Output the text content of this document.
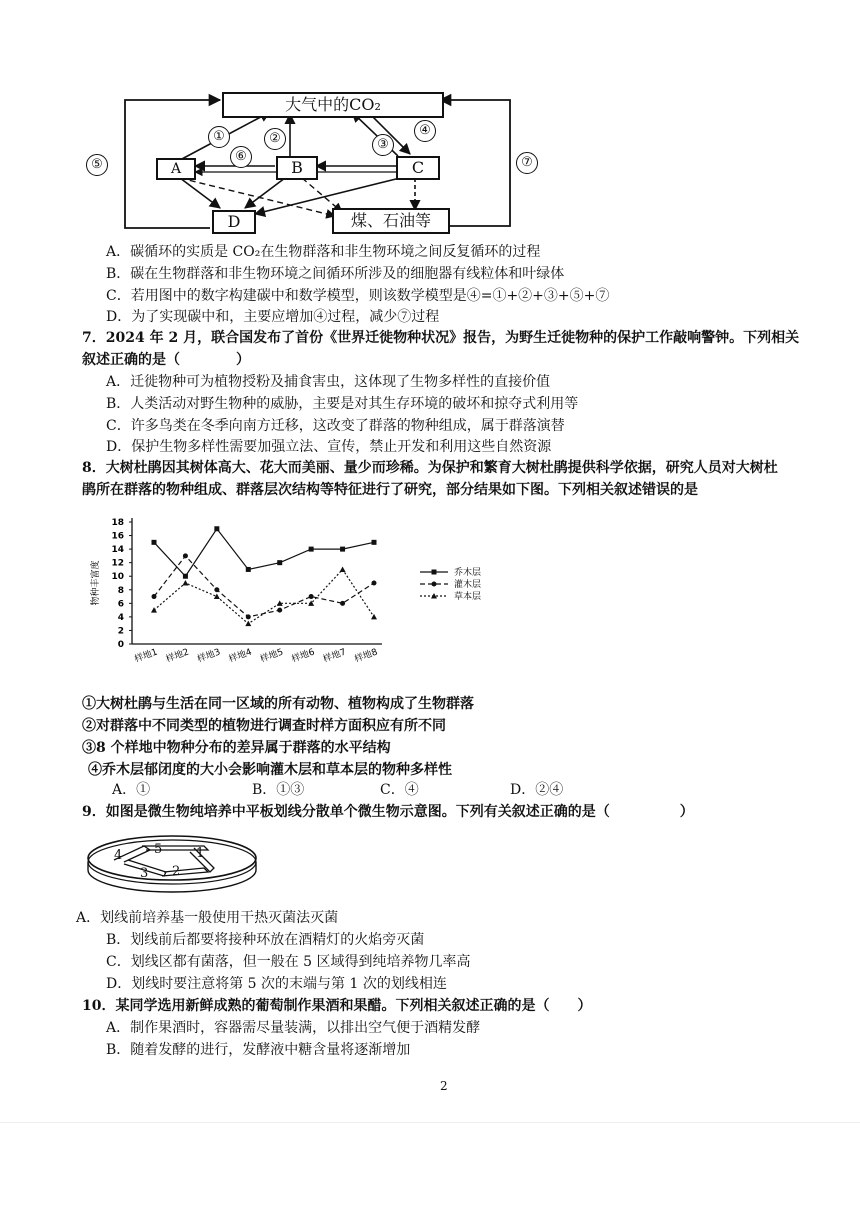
大气中的CO₂
A	B	C
D	煤、石油等
①	②	③
④
⑤
⑥	⑦
A．碳循环的实质是 CO₂在生物群落和非生物环境之间反复循环的过程
B．碳在生物群落和非生物环境之间循环所涉及的细胞器有线粒体和叶绿体
C．若用图中的数字构建碳中和数学模型，则该数学模型是④=①+②+③+⑤+⑦
D．为了实现碳中和，主要应增加④过程，减少⑦过程
7．2024 年 2 月，联合国发布了首份《世界迁徙物种状况》报告，为野生迁徙物种的保护工作敲响警钟。下列相关
叙述正确的是（　　　　）
A．迁徙物种可为植物授粉及捕食害虫，这体现了生物多样性的直接价值
B．人类活动对野生物种的威胁，主要是对其生存环境的破坏和掠夺式利用等
C．许多鸟类在冬季向南方迁移，这改变了群落的物种组成，属于群落演替
D．保护生物多样性需要加强立法、宣传，禁止开发和利用这些自然资源
8．大树杜鹃因其树体高大、花大而美丽、量少而珍稀。为保护和繁育大树杜鹃提供科学依据，研究人员对大树杜
鹃所在群落的物种组成、群落层次结构等特征进行了研究，部分结果如下图。下列相关叙述错误的是
0
2
4
6
8
10
12
14
16
18
物种丰富度
样地1 样地2 样地3 样地4 样地5 样地6 样地7 样地8
乔木层
灌木层
草本层
①大树杜鹃与生活在同一区域的所有动物、植物构成了生物群落
②对群落中不同类型的植物进行调查时样方面积应有所不同
③8 个样地中物种分布的差异属于群落的水平结构
④乔木层郁闭度的大小会影响灌木层和草本层的物种多样性
A．①	B．①③	C．④	D．②④
9．如图是微生物纯培养中平板划线分散单个微生物示意图。下列有关叙述正确的是（　　　　　）
1
2
3
4 5
A．划线前培养基一般使用干热灭菌法灭菌
B．划线前后都要将接种环放在酒精灯的火焰旁灭菌
C．划线区都有菌落，但一般在 5 区域得到纯培养物几率高
D．划线时要注意将第 5 次的末端与第 1 次的划线相连
10．某同学选用新鲜成熟的葡萄制作果酒和果醋。下列相关叙述正确的是（　　）
A．制作果酒时，容器需尽量装满，以排出空气便于酒精发酵
B．随着发酵的进行，发酵液中糖含量将逐渐增加
2
